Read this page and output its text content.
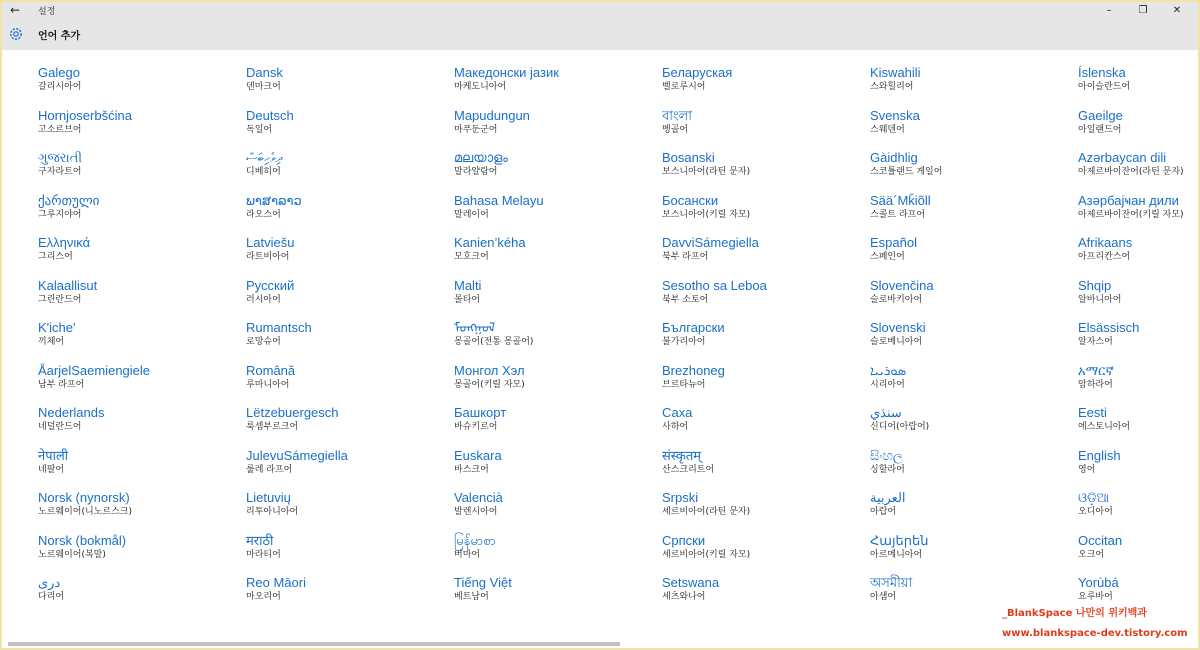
← 설정	–	❐	✕
언어 추가
Galego
갈리시아어
Dansk
덴마크어
Македонски јазик
마케도니아어
Беларуская
벨로루시어
Kiswahili
스와힐리어
Íslenska
아이슬란드어
Hornjoserbšćina
고소르브어
Deutsch
독일어
Mapudungun
마푸둔군어
বাংলা
벵골어
Svenska
스웨덴어
Gaeilge
아일랜드어
ગુજરાતી
구자라트어
ދިވެހިބަސް
디베히어
മലയാളം
말라얄람어
Bosanski
보스니아어(라틴 문자)
Gàidhlig
스코틀랜드 게일어
Azərbaycan dili
아제르바이잔어(라틴 문자)
ქართული
그루지야어
ພາສາລາວ
라오스어
Bahasa Melayu
말레이어
Босански
보스니아어(키릴 자모)
Sää´Mǩiõll
스콜트 라프어
Азәрбајҹан дили
아제르바이잔어(키릴 자모)
Ελληνικά
그리스어
Latviešu
라트비아어
Kanien’kéha
모호크어
DavviSámegiella
북부 라프어
Español
스페인어
Afrikaans
아프리칸스어
Kalaallisut
그린란드어
Русский
러시아어
Malti
몰타어
Sesotho sa Leboa
북부 소토어
Slovenčina
슬로바키아어
Shqip
알바니아어
K'iche'
끼체어
Rumantsch
로망슈어
ᠮᠣᠩᠭᠣᠯ
몽골어(전통 몽골어)
Български
불가리아어
Slovenski
슬로베니아어
Elsässisch
알자스어
ÅarjelSaemiengiele
남부 라프어
Română
루마니아어
Монгол Хэл
몽골어(키릴 자모)
Brezhoneg
브르타뉴어
ܣܘܪܝܝܐ
시리아어
አማርኛ
암하라어
Nederlands
네덜란드어
Lëtzebuergesch
룩셈부르크어
Башкорт
바슈키르어
Саха
사하어
سنڌي
신디어(아랍어)
Eesti
에스토니아어
नेपाली
네팔어
JulevuSámegiella
룰레 라프어
Euskara
바스크어
संस्कृतम्
산스크리트어
සිංහල
싱할라어
English
영어
Norsk (nynorsk)
노르웨이어(니노르스크)
Lietuvių
리투아니아어
Valencià
발렌시아어
Srpski
세르비아어(라틴 문자)
العربية
아랍어
ଓଡ଼ିଆ
오디아어
Norsk (bokmål)
노르웨이어(복말)
मराठी
마라티어
မြန်မာစာ
버마어
Српски
세르비아어(키릴 자모)
Հայերեն
아르메니아어
Occitan
오크어
دری
다리어
Reo Māori
마오리어
Tiếng Việt
베트남어
Setswana
세츠와나어
অসমীয়া
아샘어
Yorùbá
요루바어
_BlankSpace 나만의 위키백과
www.blankspace-dev.tistory.com
